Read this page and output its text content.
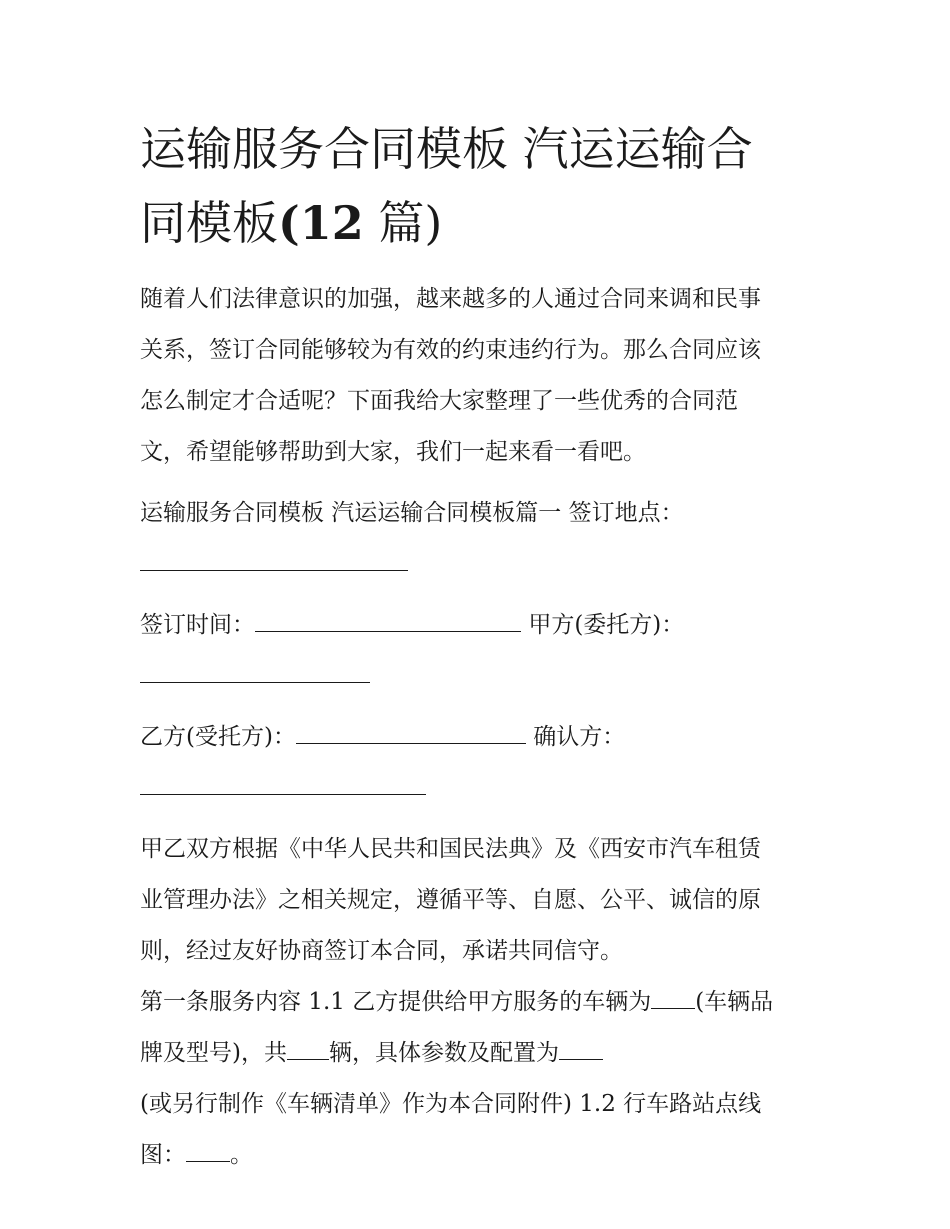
运输服务合同模板 汽运运输合
同模板(12 篇)
随着人们法律意识的加强，越来越多的人通过合同来调和民事
关系，签订合同能够较为有效的约束违约行为。那么合同应该
怎么制定才合适呢？下面我给大家整理了一些优秀的合同范
文，希望能够帮助到大家，我们一起来看一看吧。
运输服务合同模板 汽运运输合同模板篇一 签订地点：
签订时间：	甲方(委托方)：
乙方(受托方)：	确认方：
甲乙双方根据《中华人民共和国民法典》及《西安市汽车租赁
业管理办法》之相关规定，遵循平等、自愿、公平、诚信的原
则，经过友好协商签订本合同，承诺共同信守。
第一条服务内容 1.1 乙方提供给甲方服务的车辆为 (车辆品
牌及型号)，共 辆，具体参数及配置为
(或另行制作《车辆清单》作为本合同附件) 1.2 行车路站点线
图： 。
